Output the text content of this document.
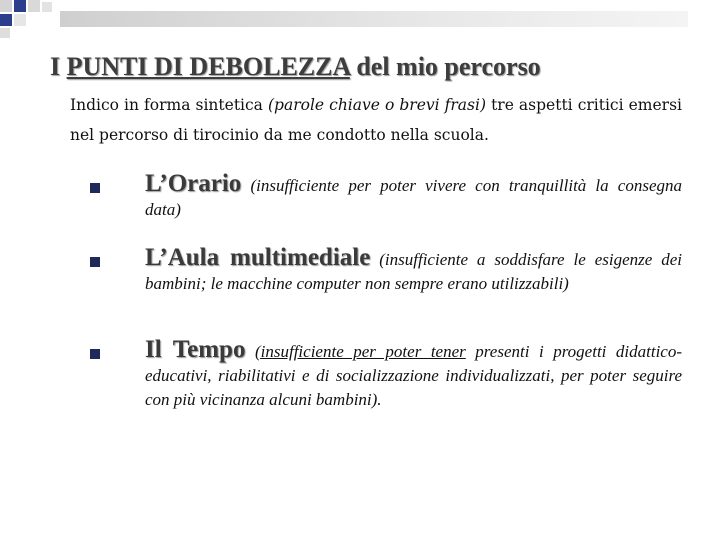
I PUNTI DI DEBOLEZZA del mio percorso

Indico in forma sintetica (parole chiave o brevi frasi) tre aspetti critici emersi nel percorso di tirocinio da me condotto nella scuola.

L’Orario (insufficiente per poter vivere con tranquillità la consegna data)
L’Aula multimediale (insufficiente a soddisfare le esigenze dei bambini; le macchine computer non sempre erano utilizzabili)
Il Tempo (insufficiente per poter tener presenti i progetti didattico-educativi, riabilitativi e di socializzazione individualizzati, per poter seguire con più vicinanza alcuni bambini).
